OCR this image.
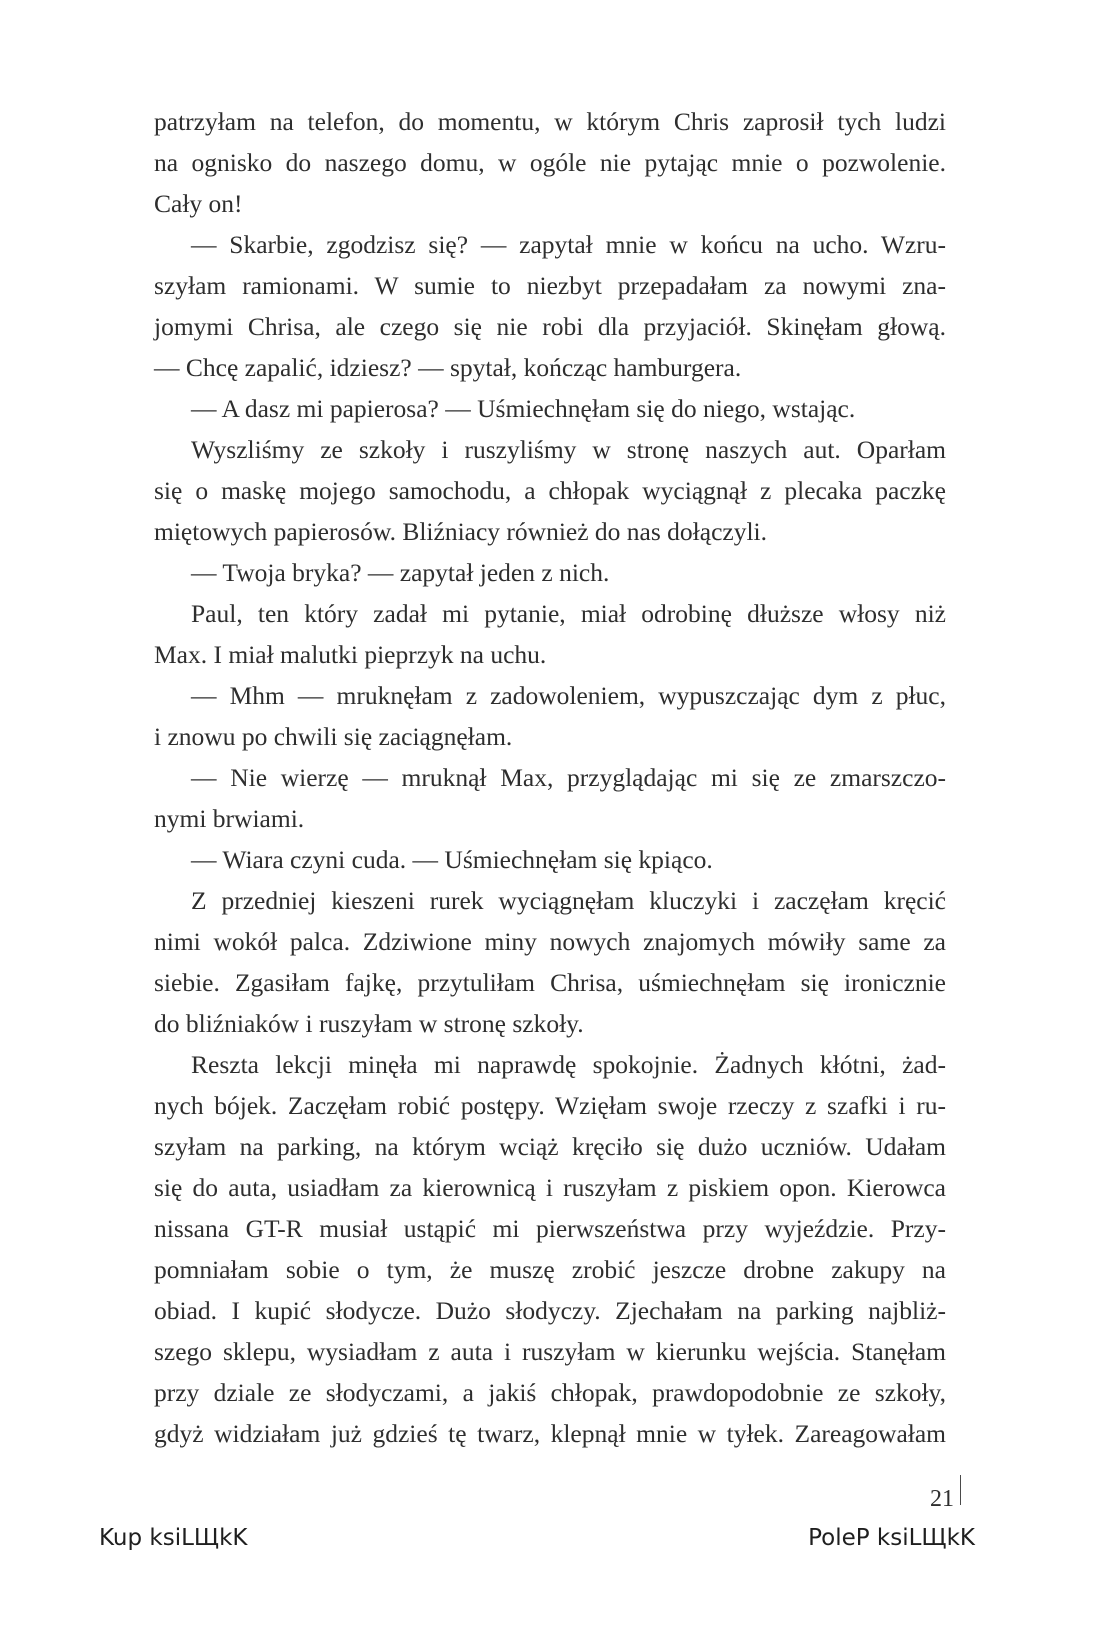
patrzyłam na telefon, do momentu, w którym Chris zaprosił tych ludzi
na ognisko do naszego domu, w ogóle nie pytając mnie o pozwolenie.
Cały on!
— Skarbie, zgodzisz się? — zapytał mnie w końcu na ucho. Wzru-
szyłam ramionami. W sumie to niezbyt przepadałam za nowymi zna-
jomymi Chrisa, ale czego się nie robi dla przyjaciół. Skinęłam głową.
— Chcę zapalić, idziesz? — spytał, kończąc hamburgera.
— A dasz mi papierosa? — Uśmiechnęłam się do niego, wstając.
Wyszliśmy ze szkoły i ruszyliśmy w stronę naszych aut. Oparłam
się o maskę mojego samochodu, a chłopak wyciągnął z plecaka paczkę
miętowych papierosów. Bliźniacy również do nas dołączyli.
— Twoja bryka? — zapytał jeden z nich.
Paul, ten który zadał mi pytanie, miał odrobinę dłuższe włosy niż
Max. I miał malutki pieprzyk na uchu.
— Mhm — mruknęłam z zadowoleniem, wypuszczając dym z płuc,
i znowu po chwili się zaciągnęłam.
— Nie wierzę — mruknął Max, przyglądając mi się ze zmarszczo-
nymi brwiami.
— Wiara czyni cuda. — Uśmiechnęłam się kpiąco.
Z przedniej kieszeni rurek wyciągnęłam kluczyki i zaczęłam kręcić
nimi wokół palca. Zdziwione miny nowych znajomych mówiły same za
siebie. Zgasiłam fajkę, przytuliłam Chrisa, uśmiechnęłam się ironicznie
do bliźniaków i ruszyłam w stronę szkoły.
Reszta lekcji minęła mi naprawdę spokojnie. Żadnych kłótni, żad-
nych bójek. Zaczęłam robić postępy. Wzięłam swoje rzeczy z szafki i ru-
szyłam na parking, na którym wciąż kręciło się dużo uczniów. Udałam
się do auta, usiadłam za kierownicą i ruszyłam z piskiem opon. Kierowca
nissana GT-R musiał ustąpić mi pierwszeństwa przy wyjeździe. Przy-
pomniałam sobie o tym, że muszę zrobić jeszcze drobne zakupy na
obiad. I kupić słodycze. Dużo słodyczy. Zjechałam na parking najbliż-
szego sklepu, wysiadłam z auta i ruszyłam w kierunku wejścia. Stanęłam
przy dziale ze słodyczami, a jakiś chłopak, prawdopodobnie ze szkoły,
gdyż widziałam już gdzieś tę twarz, klepnął mnie w tyłek. Zareagowałam
21
Kup ksiLЩkK	PoleP ksiLЩkK
